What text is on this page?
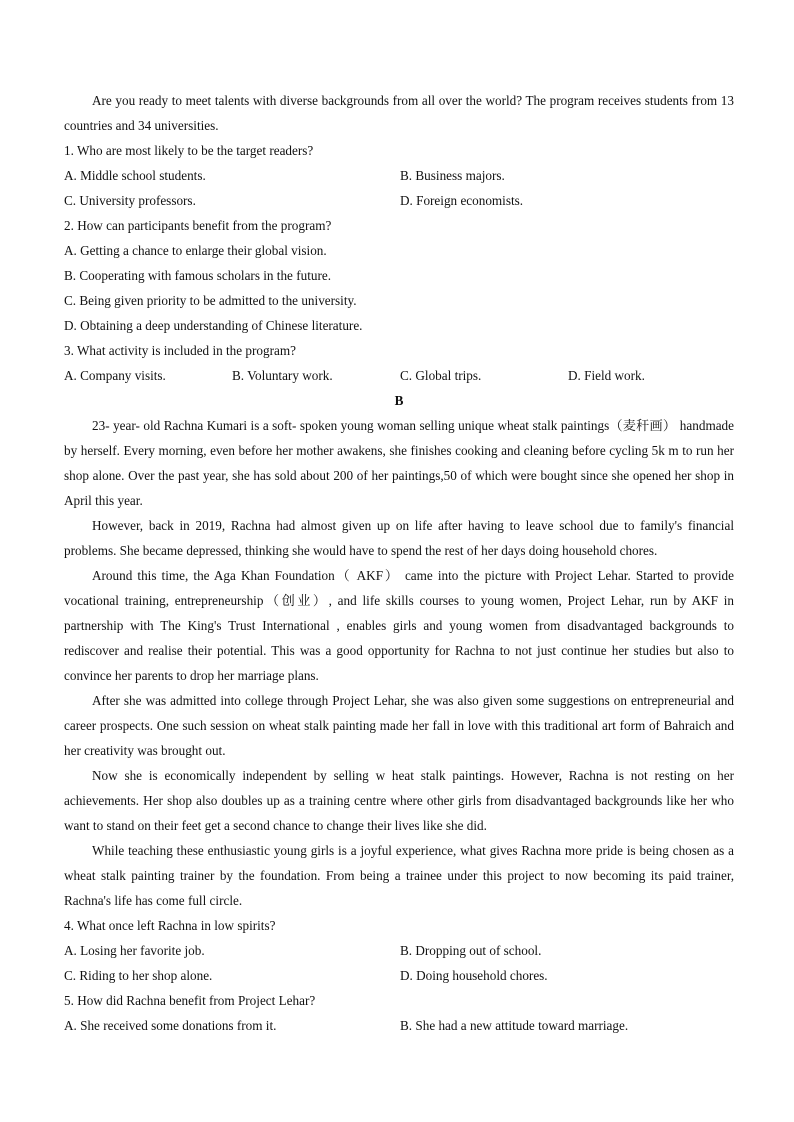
Are you ready to meet talents with diverse backgrounds from all over the world? The program receives students from 13 countries and 34 universities.

1. Who are most likely to be the target readers?

A. Middle school students.	B. Business majors.
C. University professors.	D. Foreign economists.

2. How can participants benefit from the program?

A. Getting a chance to enlarge their global vision.

B. Cooperating with famous scholars in the future.

C. Being given priority to be admitted to the university.

D. Obtaining a deep understanding of Chinese literature.

3. What activity is included in the program?

A. Company visits.	B. Voluntary work.	C. Global trips.	D. Field work.

B

23- year- old Rachna Kumari is a soft- spoken young woman selling unique wheat stalk paintings（麦秆画） handmade by herself. Every morning, even before her mother awakens, she finishes cooking and cleaning before cycling 5k m to run her shop alone. Over the past year, she has sold about 200 of her paintings,50 of which were bought since she opened her shop in April this year.

However, back in 2019, Rachna had almost given up on life after having to leave school due to family's financial problems. She became depressed, thinking she would have to spend the rest of her days doing household chores.

Around this time, the Aga Khan Foundation（ AKF） came into the picture with Project Lehar. Started to provide vocational training, entrepreneurship（创业）, and life skills courses to young women, Project Lehar, run by AKF in partnership with The King's Trust International , enables girls and young women from disadvantaged backgrounds to rediscover and realise their potential. This was a good opportunity for Rachna to not just continue her studies but also to convince her parents to drop her marriage plans.

After she was admitted into college through Project Lehar, she was also given some suggestions on entrepreneurial and career prospects. One such session on wheat stalk painting made her fall in love with this traditional art form of Bahraich and her creativity was brought out.

Now she is economically independent by selling w heat stalk paintings. However, Rachna is not resting on her achievements. Her shop also doubles up as a training centre where other girls from disadvantaged backgrounds like her who want to stand on their feet get a second chance to change their lives like she did.

While teaching these enthusiastic young girls is a joyful experience, what gives Rachna more pride is being chosen as a wheat stalk painting trainer by the foundation. From being a trainee under this project to now becoming its paid trainer, Rachna's life has come full circle.

4. What once left Rachna in low spirits?

A. Losing her favorite job.	B. Dropping out of school.
C. Riding to her shop alone.	D. Doing household chores.

5. How did Rachna benefit from Project Lehar?

A. She received some donations from it.	B. She had a new attitude toward marriage.
